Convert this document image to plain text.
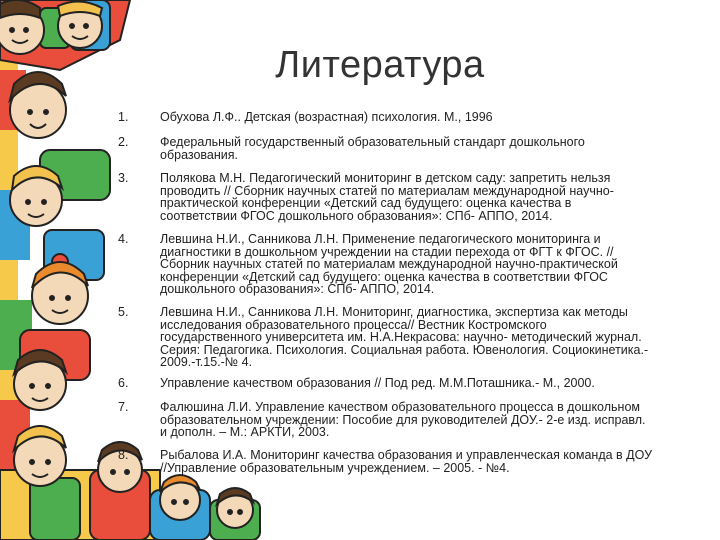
Литература
1.	Обухова Л.Ф.. Детская (возрастная) психология. М., 1996
2.	Федеральный государственный образовательный стандарт дошкольного
образования.
3.	Полякова М.Н. Педагогический мониторинг в детском саду: запретить нельзя
проводить // Сборник научных статей по материалам международной научно-
практической конференции «Детский сад будущего: оценка качества в
соответствии ФГОС дошкольного образования»: СПб- АППО, 2014.
4.	Левшина Н.И., Санникова Л.Н. Применение педагогического мониторинга и
диагностики в дошкольном учреждении на стадии перехода от ФГТ к ФГОС. //
Сборник научных статей по материалам международной научно-практической
конференции «Детский сад будущего: оценка качества в соответствии ФГОС
дошкольного образования»: СПб- АППО, 2014.
5.	Левшина Н.И., Санникова Л.Н. Мониторинг, диагностика, экспертиза как методы
исследования образовательного процесса// Вестник Костромского
государственного университета им. Н.А.Некрасова: научно- методический журнал.
Серия: Педагогика. Психология. Социальная работа. Ювенология. Социокинетика.-
2009.-т.15.-№ 4.
6.	Управление качеством образования // Под ред. М.М.Поташника.- М., 2000.
7.	Фалюшина Л.И. Управление качеством образовательного процесса в дошкольном
образовательном учреждении: Пособие для руководителей ДОУ.- 2-е изд. исправл.
и дополн. – М.: АРКТИ, 2003.
8.	Рыбалова И.А. Мониторинг качества образования и управленческая команда в ДОУ
//Управление образовательным учреждением. – 2005. - №4.
